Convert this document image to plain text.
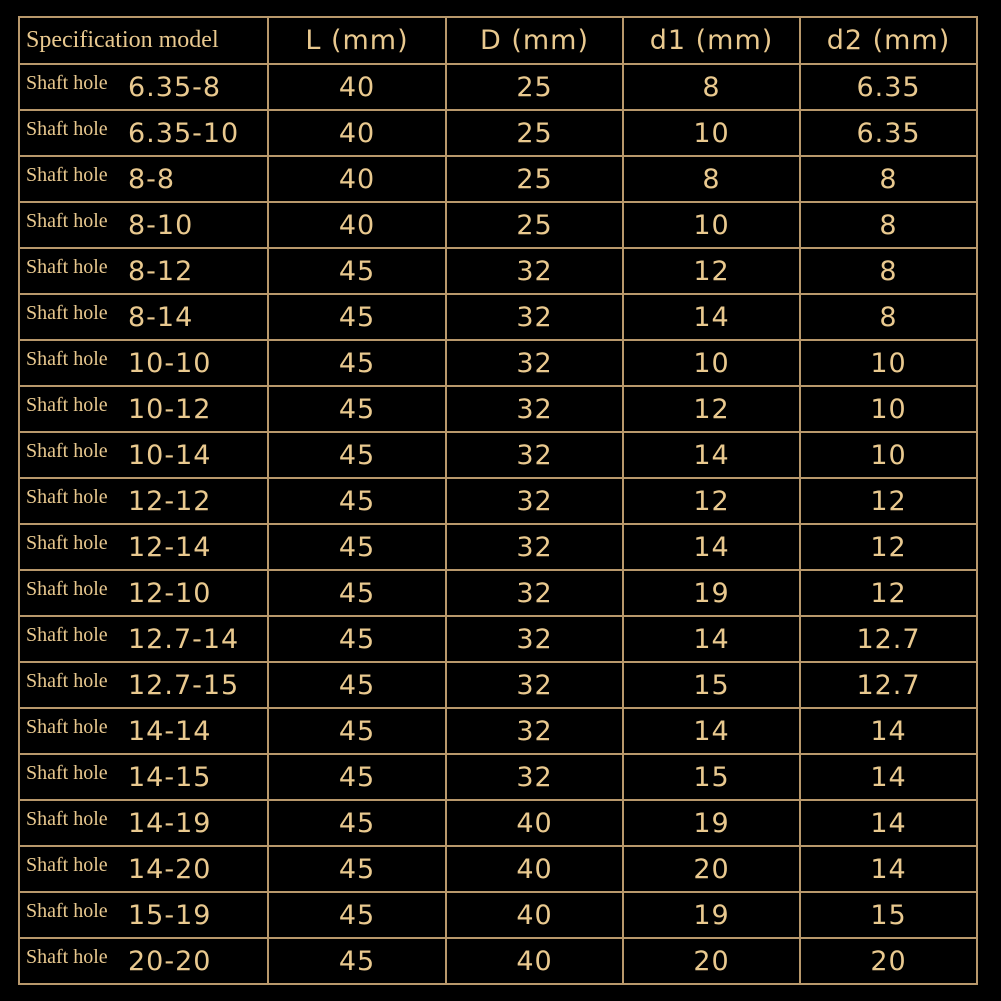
Specification model	L (mm)	D (mm)	d1 (mm)	d2 (mm)
Shaft hole 6.35-8	40	25	8	6.35
Shaft hole 6.35-10	40	25	10	6.35
Shaft hole 8-8	40	25	8	8
Shaft hole 8-10	40	25	10	8
Shaft hole 8-12	45	32	12	8
Shaft hole 8-14	45	32	14	8
Shaft hole 10-10	45	32	10	10
Shaft hole 10-12	45	32	12	10
Shaft hole 10-14	45	32	14	10
Shaft hole 12-12	45	32	12	12
Shaft hole 12-14	45	32	14	12
Shaft hole 12-10	45	32	19	12
Shaft hole 12.7-14	45	32	14	12.7
Shaft hole 12.7-15	45	32	15	12.7
Shaft hole 14-14	45	32	14	14
Shaft hole 14-15	45	32	15	14
Shaft hole 14-19	45	40	19	14
Shaft hole 14-20	45	40	20	14
Shaft hole 15-19	45	40	19	15
Shaft hole 20-20	45	40	20	20
